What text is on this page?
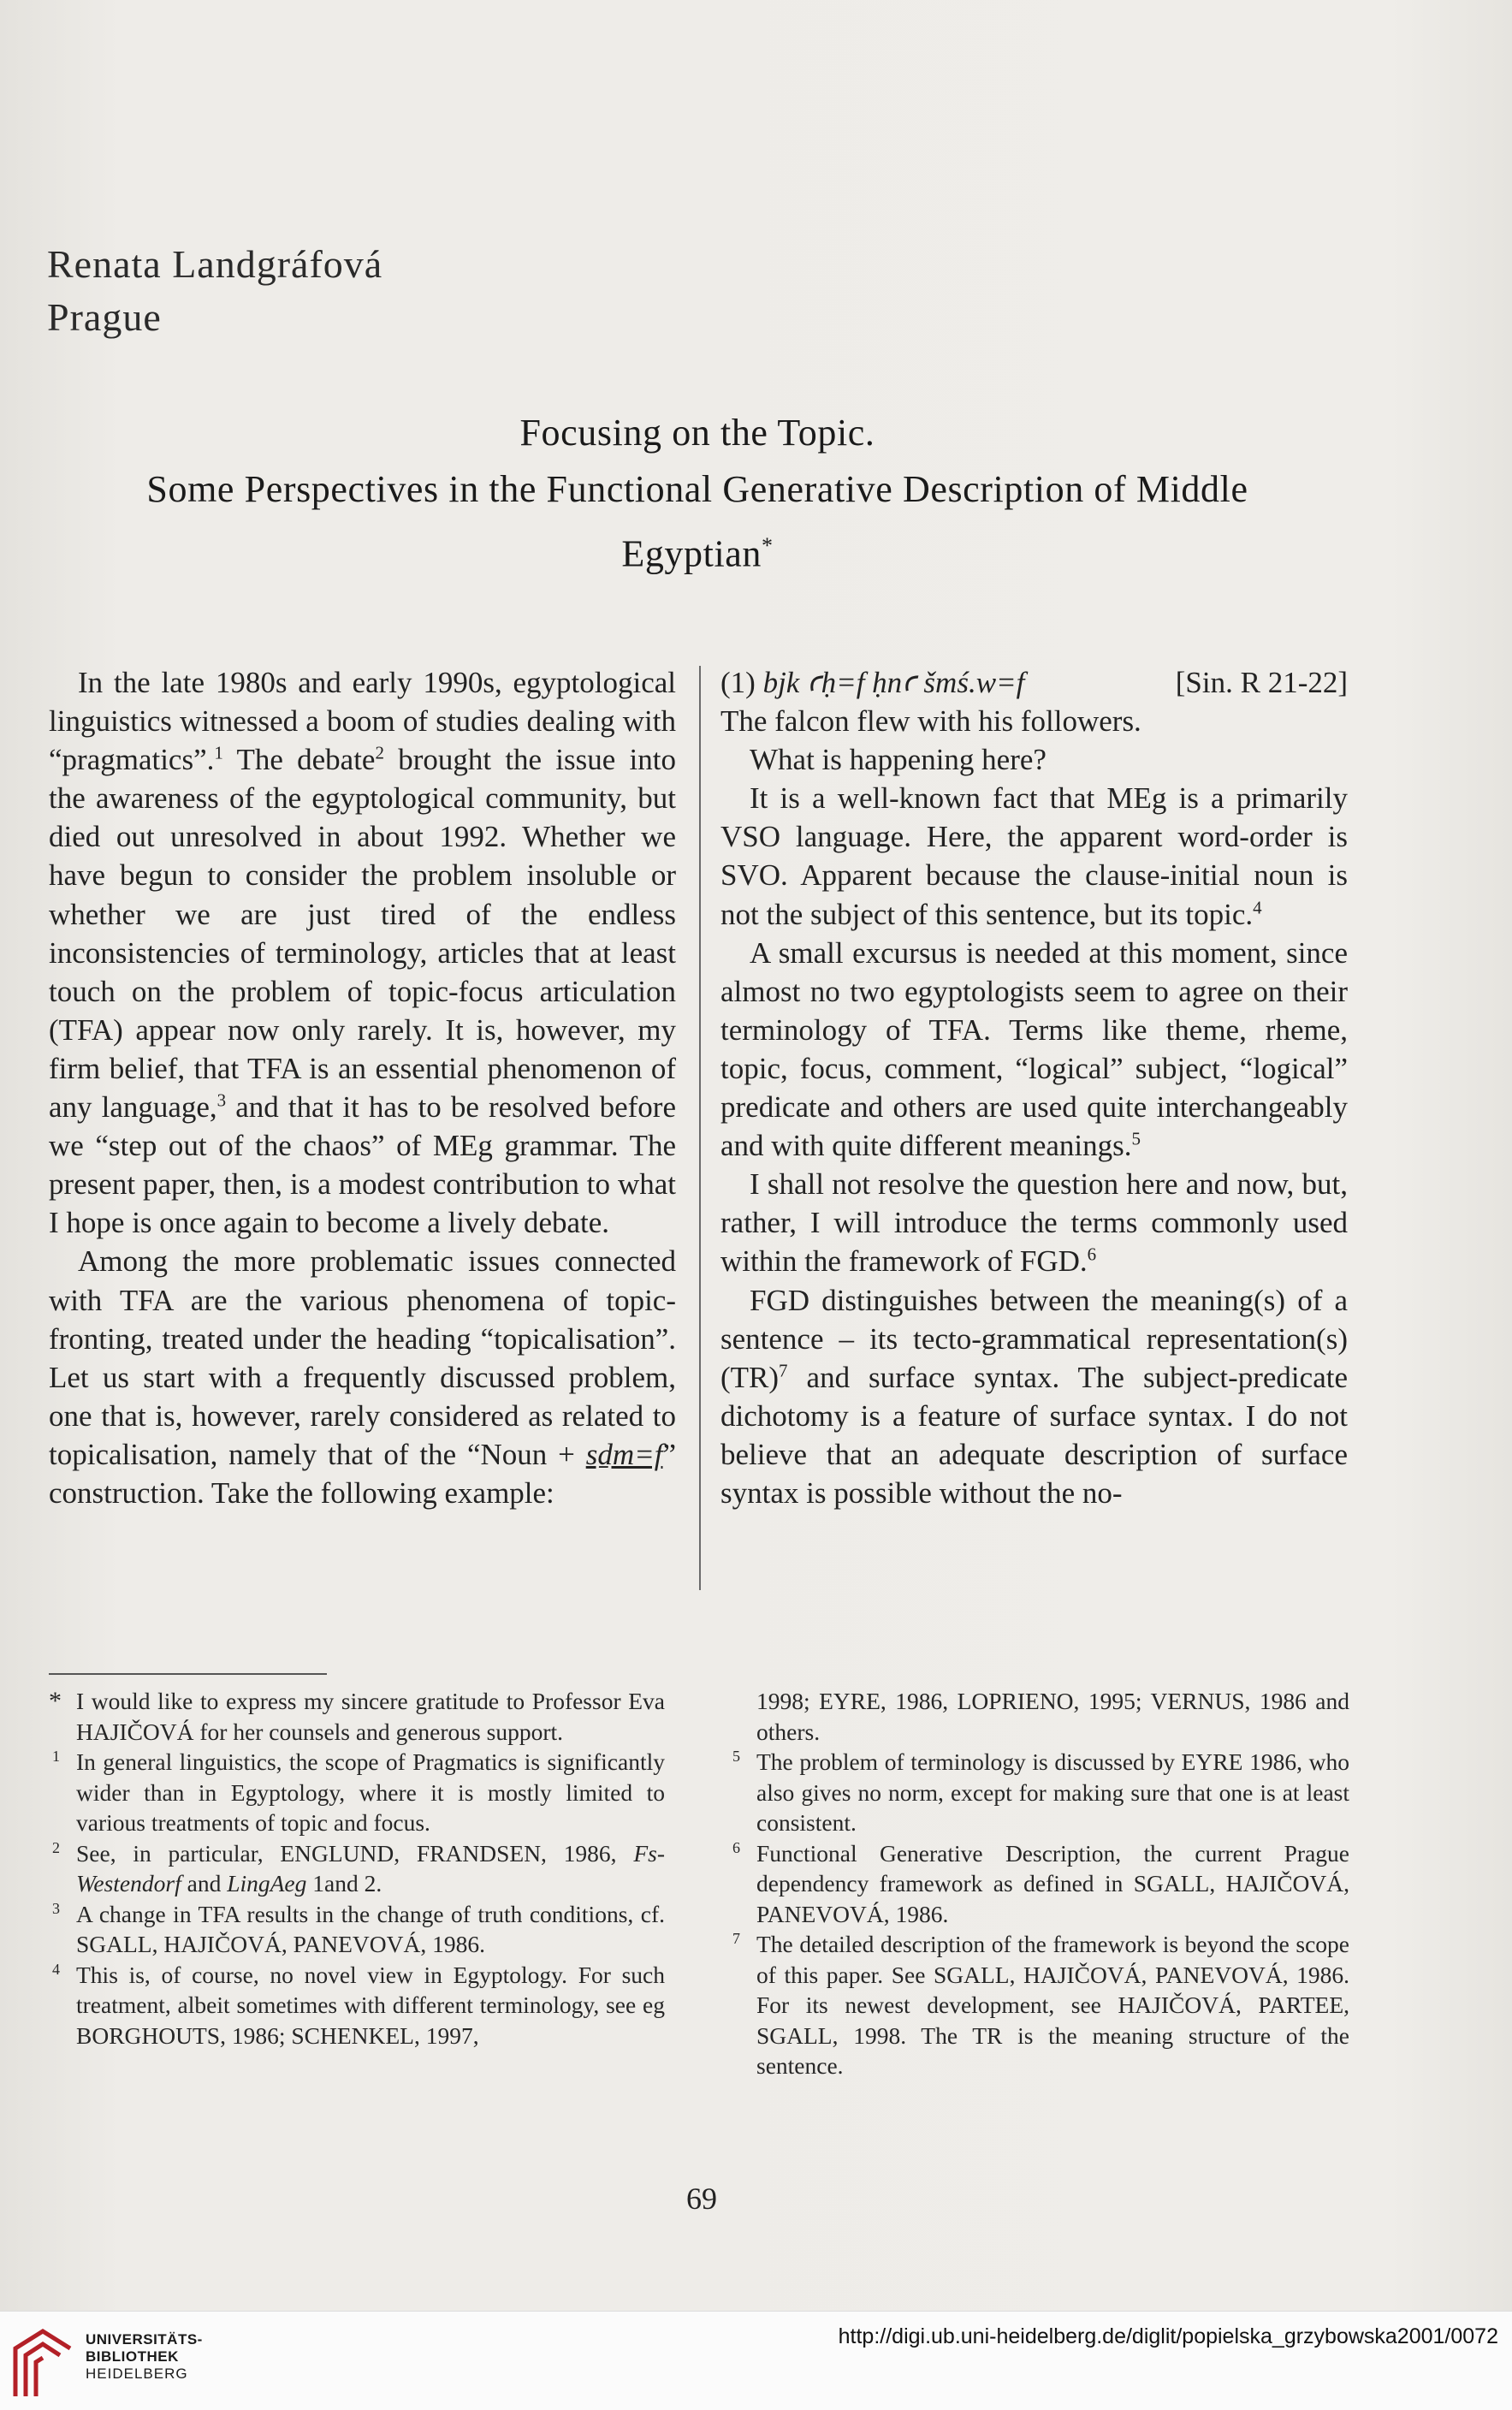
Renata Landgráfová
Prague
Focusing on the Topic.
Some Perspectives in the Functional Generative Description of Middle
Egyptian*

In the late 1980s and early 1990s, egyptological linguistics witnessed a boom of studies dealing with “pragmatics”.$^1$ The debate$^2$ brought the issue into the awareness of the egyptological community, but died out unresolved in about 1992. Whether we have begun to consider the problem insoluble or whether we are just tired of the endless inconsistencies of terminology, articles that at least touch on the problem of topic-focus articulation (TFA) appear now only rarely. It is, however, my firm belief, that TFA is an essential phenomenon of any language,$^3$ and that it has to be resolved before we “step out of the chaos” of MEg grammar. The present paper, then, is a modest contribution to what I hope is once again to become a lively debate.

Among the more problematic issues connected with TFA are the various phenomena of topic-fronting, treated under the heading “topicalisation”. Let us start with a frequently discussed problem, one that is, however, rarely considered as related to topicalisation, namely that of the “Noun + sḏm=f” construction. Take the following example:

(1) bjk ꜥḥ=f ḥnꜥ šmś.w=f	[Sin. R 21-22]

The falcon flew with his followers.

What is happening here?

It is a well-known fact that MEg is a primarily VSO language. Here, the apparent word-order is SVO. Apparent because the clause-initial noun is not the subject of this sentence, but its topic.$^4$

A small excursus is needed at this moment, since almost no two egyptologists seem to agree on their terminology of TFA. Terms like theme, rheme, topic, focus, comment, “logical” subject, “logical” predicate and others are used quite interchangeably and with quite different meanings.$^5$

I shall not resolve the question here and now, but, rather, I will introduce the terms commonly used within the framework of FGD.$^6$

FGD distinguishes between the meaning(s) of a sentence – its tecto-grammatical representation(s) (TR)$^7$ and surface syntax. The subject-predicate dichotomy is a feature of surface syntax. I do not believe that an adequate description of surface syntax is possible without the no-

* I would like to express my sincere gratitude to Professor Eva HAJIČOVÁ for her counsels and generous support.

1 In general linguistics, the scope of Pragmatics is significantly wider than in Egyptology, where it is mostly limited to various treatments of topic and focus.

2 See, in particular, ENGLUND, FRANDSEN, 1986, Fs-Westendorf and LingAeg 1and 2.

3 A change in TFA results in the change of truth conditions, cf. SGALL, HAJIČOVÁ, PANEVOVÁ, 1986.

4 This is, of course, no novel view in Egyptology. For such treatment, albeit sometimes with different terminology, see eg BORGHOUTS, 1986; SCHENKEL, 1997,

1998; EYRE, 1986, LOPRIENO, 1995; VERNUS, 1986 and others.

5 The problem of terminology is discussed by EYRE 1986, who also gives no norm, except for making sure that one is at least consistent.

6 Functional Generative Description, the current Prague dependency framework as defined in SGALL, HAJIČOVÁ, PANEVOVÁ, 1986.

7 The detailed description of the framework is beyond the scope of this paper. See SGALL, HAJIČOVÁ, PANEVOVÁ, 1986. For its newest development, see HAJIČOVÁ, PARTEE, SGALL, 1998. The TR is the meaning structure of the sentence.

69
UNIVERSITÄTS-
BIBLIOTHEK
HEIDELBERG
http://digi.ub.uni-heidelberg.de/diglit/popielska_grzybowska2001/0072
